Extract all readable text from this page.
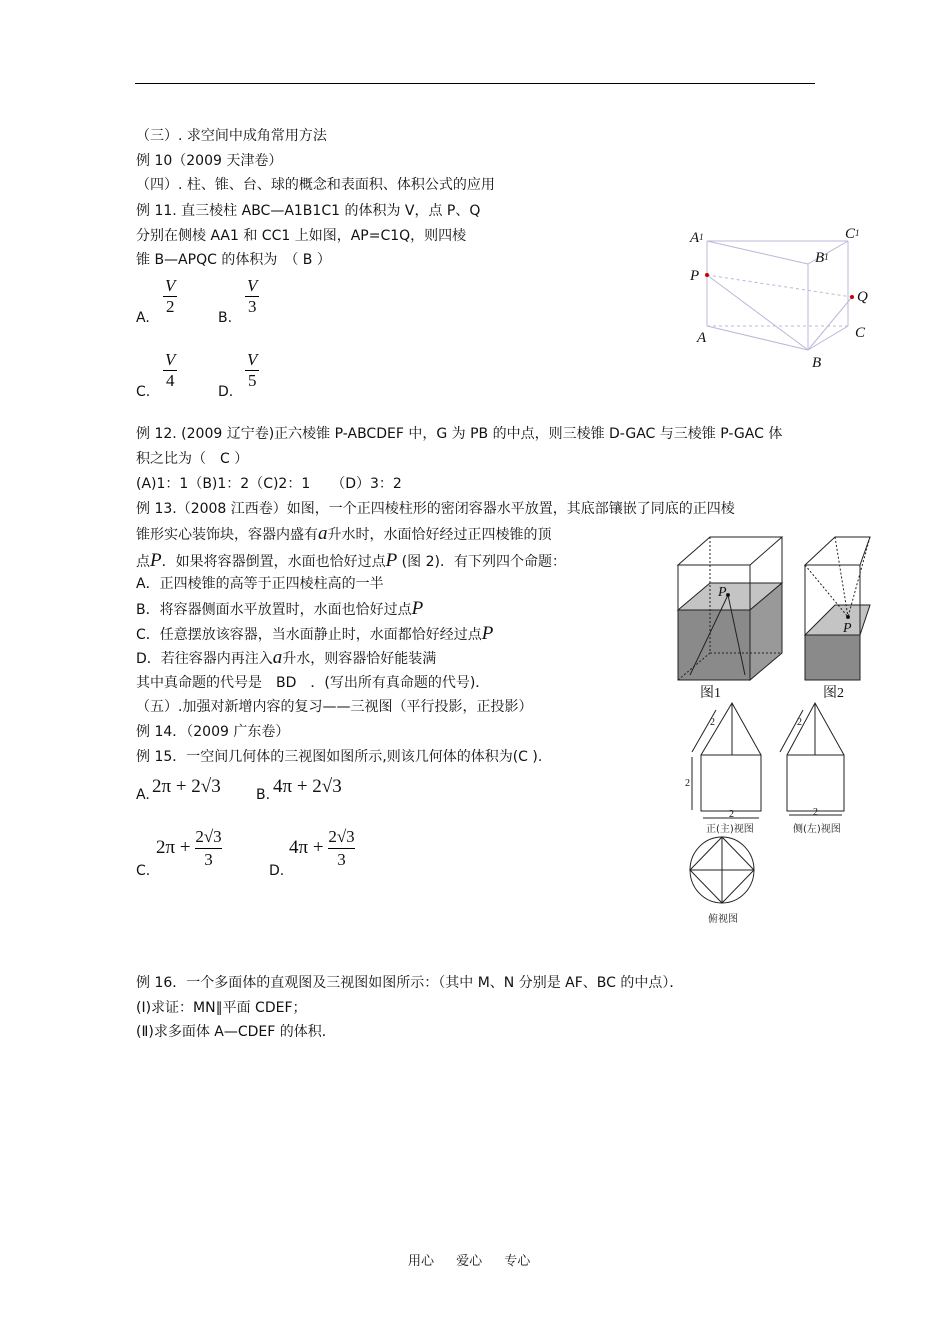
（三）. 求空间中成角常用方法
例 10（2009 天津卷）
（四）. 柱、锥、台、球的概念和表面积、体积公式的应用
例 11. 直三棱柱 ABC—A1B1C1 的体积为 V，点 P、Q
分别在侧棱 AA1 和 CC1 上如图，AP=C1Q，则四棱
锥 B—APQC 的体积为　（ B ）
A.
$\frac{V}{2}$
B.
$\frac{V}{3}$
C.
$\frac{V}{4}$
D.
$\frac{V}{5}$
A1	C1
B1
P
Q
A	C
B
例 12. (2009 辽宁卷)正六棱锥 P-ABCDEF 中，G 为 PB 的中点，则三棱锥 D-GAC 与三棱锥 P-GAC 体
积之比为（　C ）
(A)1：1（B)1：2（C)2：1　　（D）3：2
例 13.（2008 江西卷）如图，一个正四棱柱形的密闭容器水平放置，其底部镶嵌了同底的正四棱
锥形实心装饰块，容器内盛有a升水时，水面恰好经过正四棱锥的顶
点P．如果将容器倒置，水面也恰好过点P (图 2)．有下列四个命题：
A．正四棱锥的高等于正四棱柱高的一半
B．将容器侧面水平放置时，水面也恰好过点P
C．任意摆放该容器，当水面静止时，水面都恰好经过点P
D．若往容器内再注入a升水，则容器恰好能装满
其中真命题的代号是　BD　．(写出所有真命题的代号)．
（五）.加强对新增内容的复习——三视图（平行投影，正投影）
P
P
图1	图2
例 14．（2009 广东卷）
例 15．一空间几何体的三视图如图所示,则该几何体的体积为(C ).
A. 2π + 2√3	B. 4π + 2√3
C.
$2\pi + \frac{2√3}{3}$	D.
$4\pi + \frac{2√3}{3}$
2
2	2
2	2
正(主)视图	侧(左)视图
俯视图
例 16．一个多面体的直观图及三视图如图所示：（其中 M、N 分别是 AF、BC 的中点）．
(Ⅰ)求证：MN∥平面 CDEF；
(Ⅱ)求多面体 A—CDEF 的体积．
用心 爱心 专心
